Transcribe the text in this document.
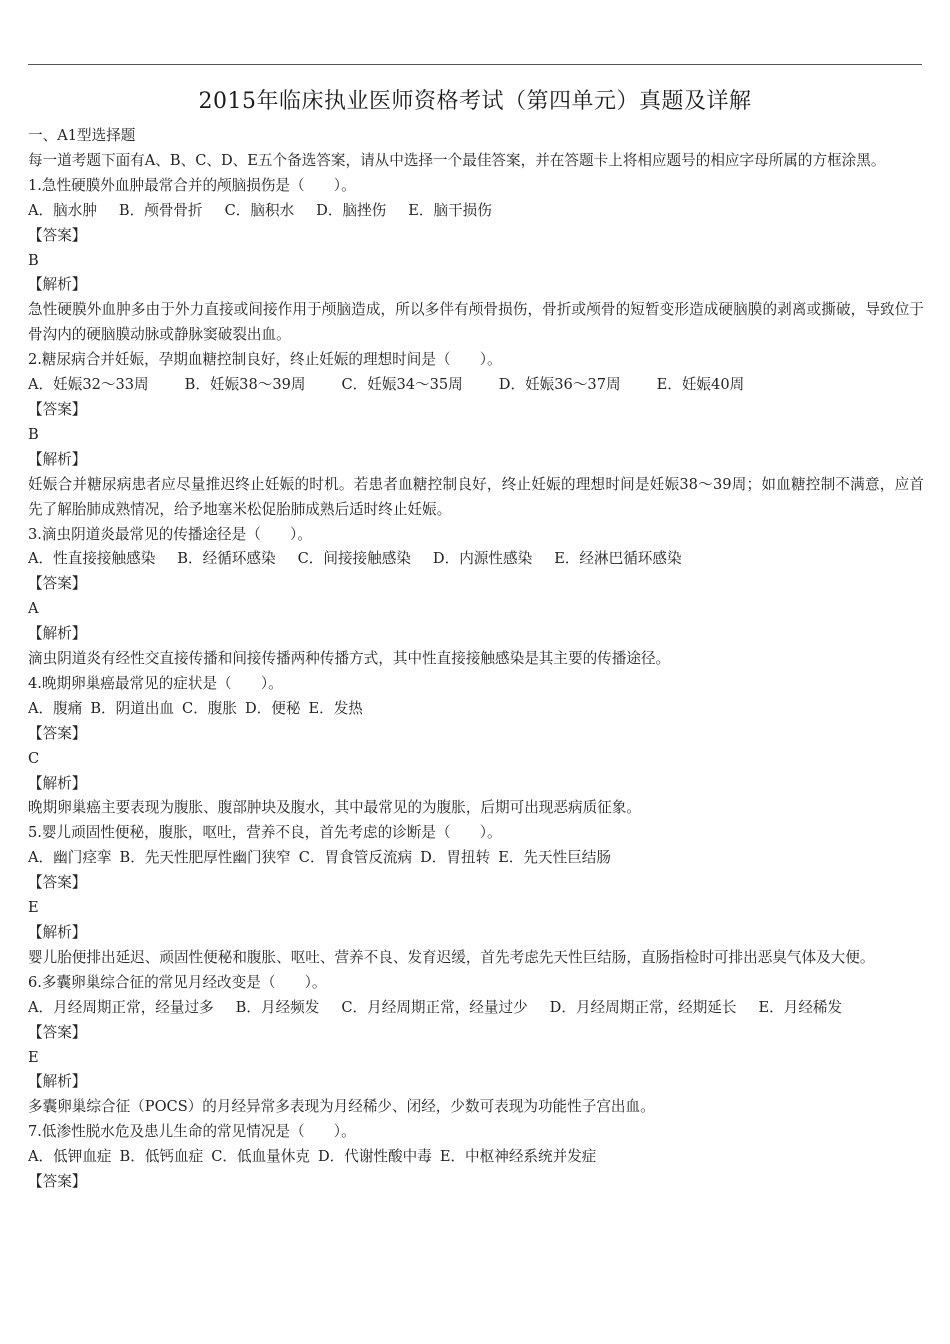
2015年临床执业医师资格考试（第四单元）真题及详解
一、A1型选择题
每一道考题下面有A、B、C、D、E五个备选答案，请从中选择一个最佳答案，并在答题卡上将相应题号的相应字母所属的方框涂黑。
1.急性硬膜外血肿最常合并的颅脑损伤是（　　）。
A．脑水肿 B．颅骨骨折 C．脑积水 D．脑挫伤 E．脑干损伤
【答案】
B
【解析】
急性硬膜外血肿多由于外力直接或间接作用于颅脑造成，所以多伴有颅骨损伤，骨折或颅骨的短暂变形造成硬脑膜的剥离或撕破，导致位于骨沟内的硬脑膜动脉或静脉窦破裂出血。
2.糖尿病合并妊娠，孕期血糖控制良好，终止妊娠的理想时间是（　　）。
A．妊娠32～33周 B．妊娠38～39周 C．妊娠34～35周 D．妊娠36～37周 E．妊娠40周
【答案】
B
【解析】
妊娠合并糖尿病患者应尽量推迟终止妊娠的时机。若患者血糖控制良好，终止妊娠的理想时间是妊娠38～39周；如血糖控制不满意，应首先了解胎肺成熟情况，给予地塞米松促胎肺成熟后适时终止妊娠。
3.滴虫阴道炎最常见的传播途径是（　　）。
A．性直接接触感染 B．经循环感染 C．间接接触感染 D．内源性感染 E．经淋巴循环感染
【答案】
A
【解析】
滴虫阴道炎有经性交直接传播和间接传播两种传播方式，其中性直接接触感染是其主要的传播途径。
4.晚期卵巢癌最常见的症状是（　　）。
A．腹痛 B．阴道出血 C．腹胀 D．便秘 E．发热
【答案】
C
【解析】
晚期卵巢癌主要表现为腹胀、腹部肿块及腹水，其中最常见的为腹胀，后期可出现恶病质征象。
5.婴儿顽固性便秘，腹胀，呕吐，营养不良，首先考虑的诊断是（　　）。
A．幽门痉挛 B．先天性肥厚性幽门狭窄 C．胃食管反流病 D．胃扭转 E．先天性巨结肠
【答案】
E
【解析】
婴儿胎便排出延迟、顽固性便秘和腹胀、呕吐、营养不良、发育迟缓，首先考虑先天性巨结肠，直肠指检时可排出恶臭气体及大便。
6.多囊卵巢综合征的常见月经改变是（　　）。
A．月经周期正常，经量过多 B．月经频发 C．月经周期正常，经量过少 D．月经周期正常，经期延长 E．月经稀发
【答案】
E
【解析】
多囊卵巢综合征（POCS）的月经异常多表现为月经稀少、闭经，少数可表现为功能性子宫出血。
7.低渗性脱水危及患儿生命的常见情况是（　　）。
A．低钾血症 B．低钙血症 C．低血量休克 D．代谢性酸中毒 E．中枢神经系统并发症
【答案】
